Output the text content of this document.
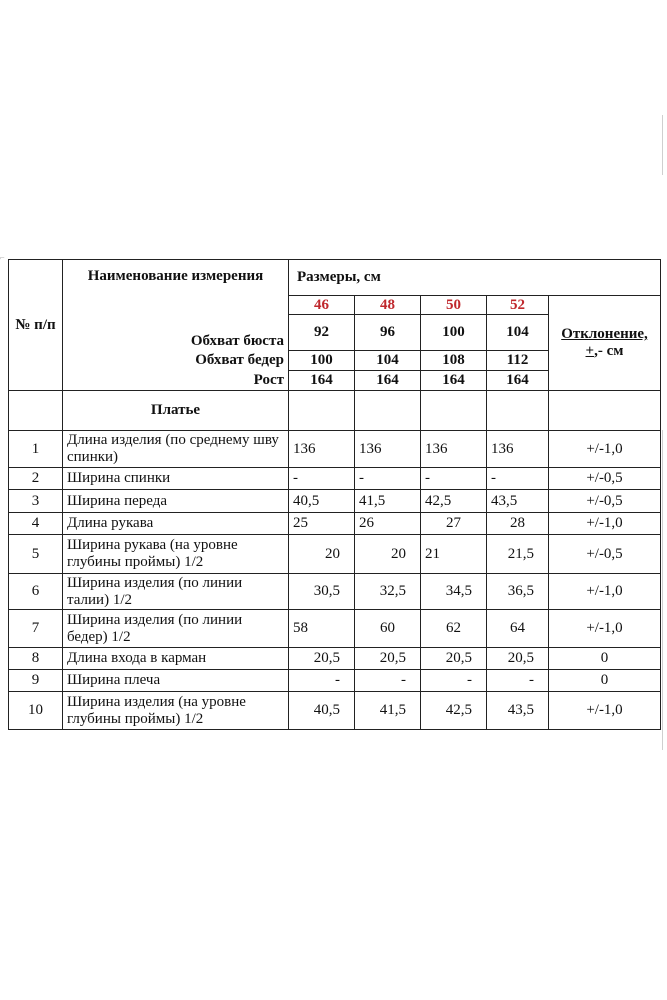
⌐
№ п/п	Наименование измерения	Размеры, см				
		46	48	50	52	Отклонение,
+,- см
	Обхват бюста	92	96	100	104	
	Обхват бедер	100	104	108	112	
	Рост	164	164	164	164	
	Платье					
1	Длина изделия (по среднему шву спинки)	136	136	136	136	+/-1,0
2	Ширина спинки	-	-	-	-	+/-0,5
3	Ширина переда	40,5	41,5	42,5	43,5	+/-0,5
4	Длина рукава	25	26	27	28	+/-1,0
5	Ширина рукава (на уровне глубины проймы) 1/2	20	20	21	21,5	+/-0,5
6	Ширина изделия (по линии талии) 1/2	30,5	32,5	34,5	36,5	+/-1,0
7	Ширина изделия (по линии бедер) 1/2	58	60	62	64	+/-1,0
8	Длина входа в карман	20,5	20,5	20,5	20,5	0
9	Ширина плеча	-	-	-	-	0
10	Ширина изделия (на уровне глубины проймы) 1/2	40,5	41,5	42,5	43,5	+/-1,0
